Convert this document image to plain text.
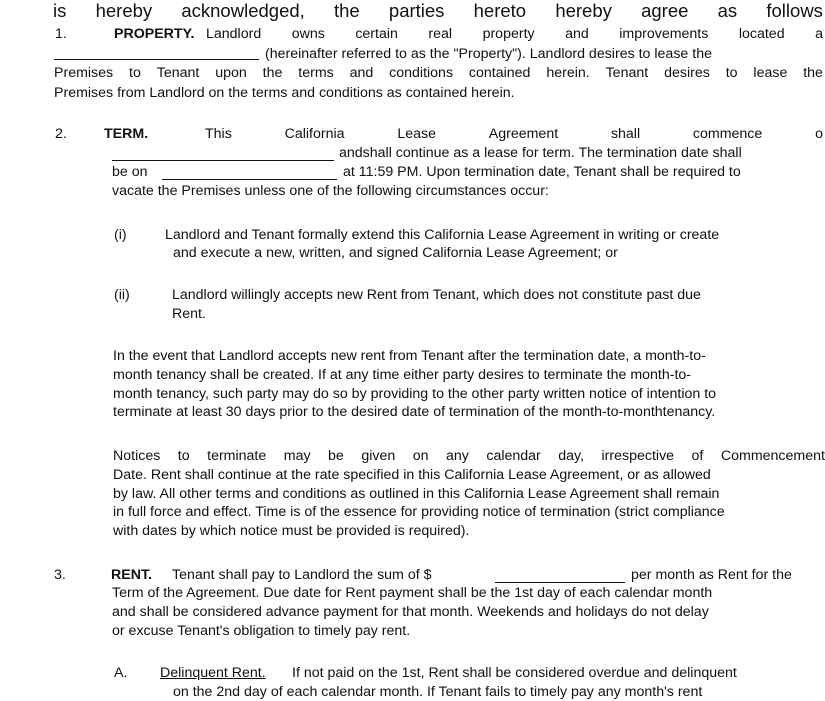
is hereby acknowledged, the parties hereto hereby agree as follows
1.	PROPERTY. Landlord owns certain real property and improvements located a
(hereinafter referred to as the "Property"). Landlord desires to lease the
Premises to Tenant upon the terms and conditions contained herein. Tenant desires to lease the
Premises from Landlord on the terms and conditions as contained herein.
2.	TERM.	This	California	Lease	Agreement	shall	commence	o
andshall continue as a lease for term. The termination date shall
be on	at 11:59 PM. Upon termination date, Tenant shall be required to
vacate the Premises unless one of the following circumstances occur:
(i)	Landlord and Tenant formally extend this California Lease Agreement in writing or create
and execute a new, written, and signed California Lease Agreement; or
(ii)	Landlord willingly accepts new Rent from Tenant, which does not constitute past due
Rent.
In the event that Landlord accepts new rent from Tenant after the termination date, a month-to-
month tenancy shall be created. If at any time either party desires to terminate the month-to-
month tenancy, such party may do so by providing to the other party written notice of intention to
terminate at least 30 days prior to the desired date of termination of the month-to-monthtenancy.
Notices to terminate may be given on any calendar day, irrespective of Commencement
Date. Rent shall continue at the rate specified in this California Lease Agreement, or as allowed
by law. All other terms and conditions as outlined in this California Lease Agreement shall remain
in full force and effect. Time is of the essence for providing notice of termination (strict compliance
with dates by which notice must be provided is required).
3.	RENT. Tenant shall pay to Landlord the sum of $	per month as Rent for the
Term of the Agreement. Due date for Rent payment shall be the 1st day of each calendar month
and shall be considered advance payment for that month. Weekends and holidays do not delay
or excuse Tenant's obligation to timely pay rent.
A. Delinquent Rent. If not paid on the 1st, Rent shall be considered overdue and delinquent
on the 2nd day of each calendar month. If Tenant fails to timely pay any month's rent
